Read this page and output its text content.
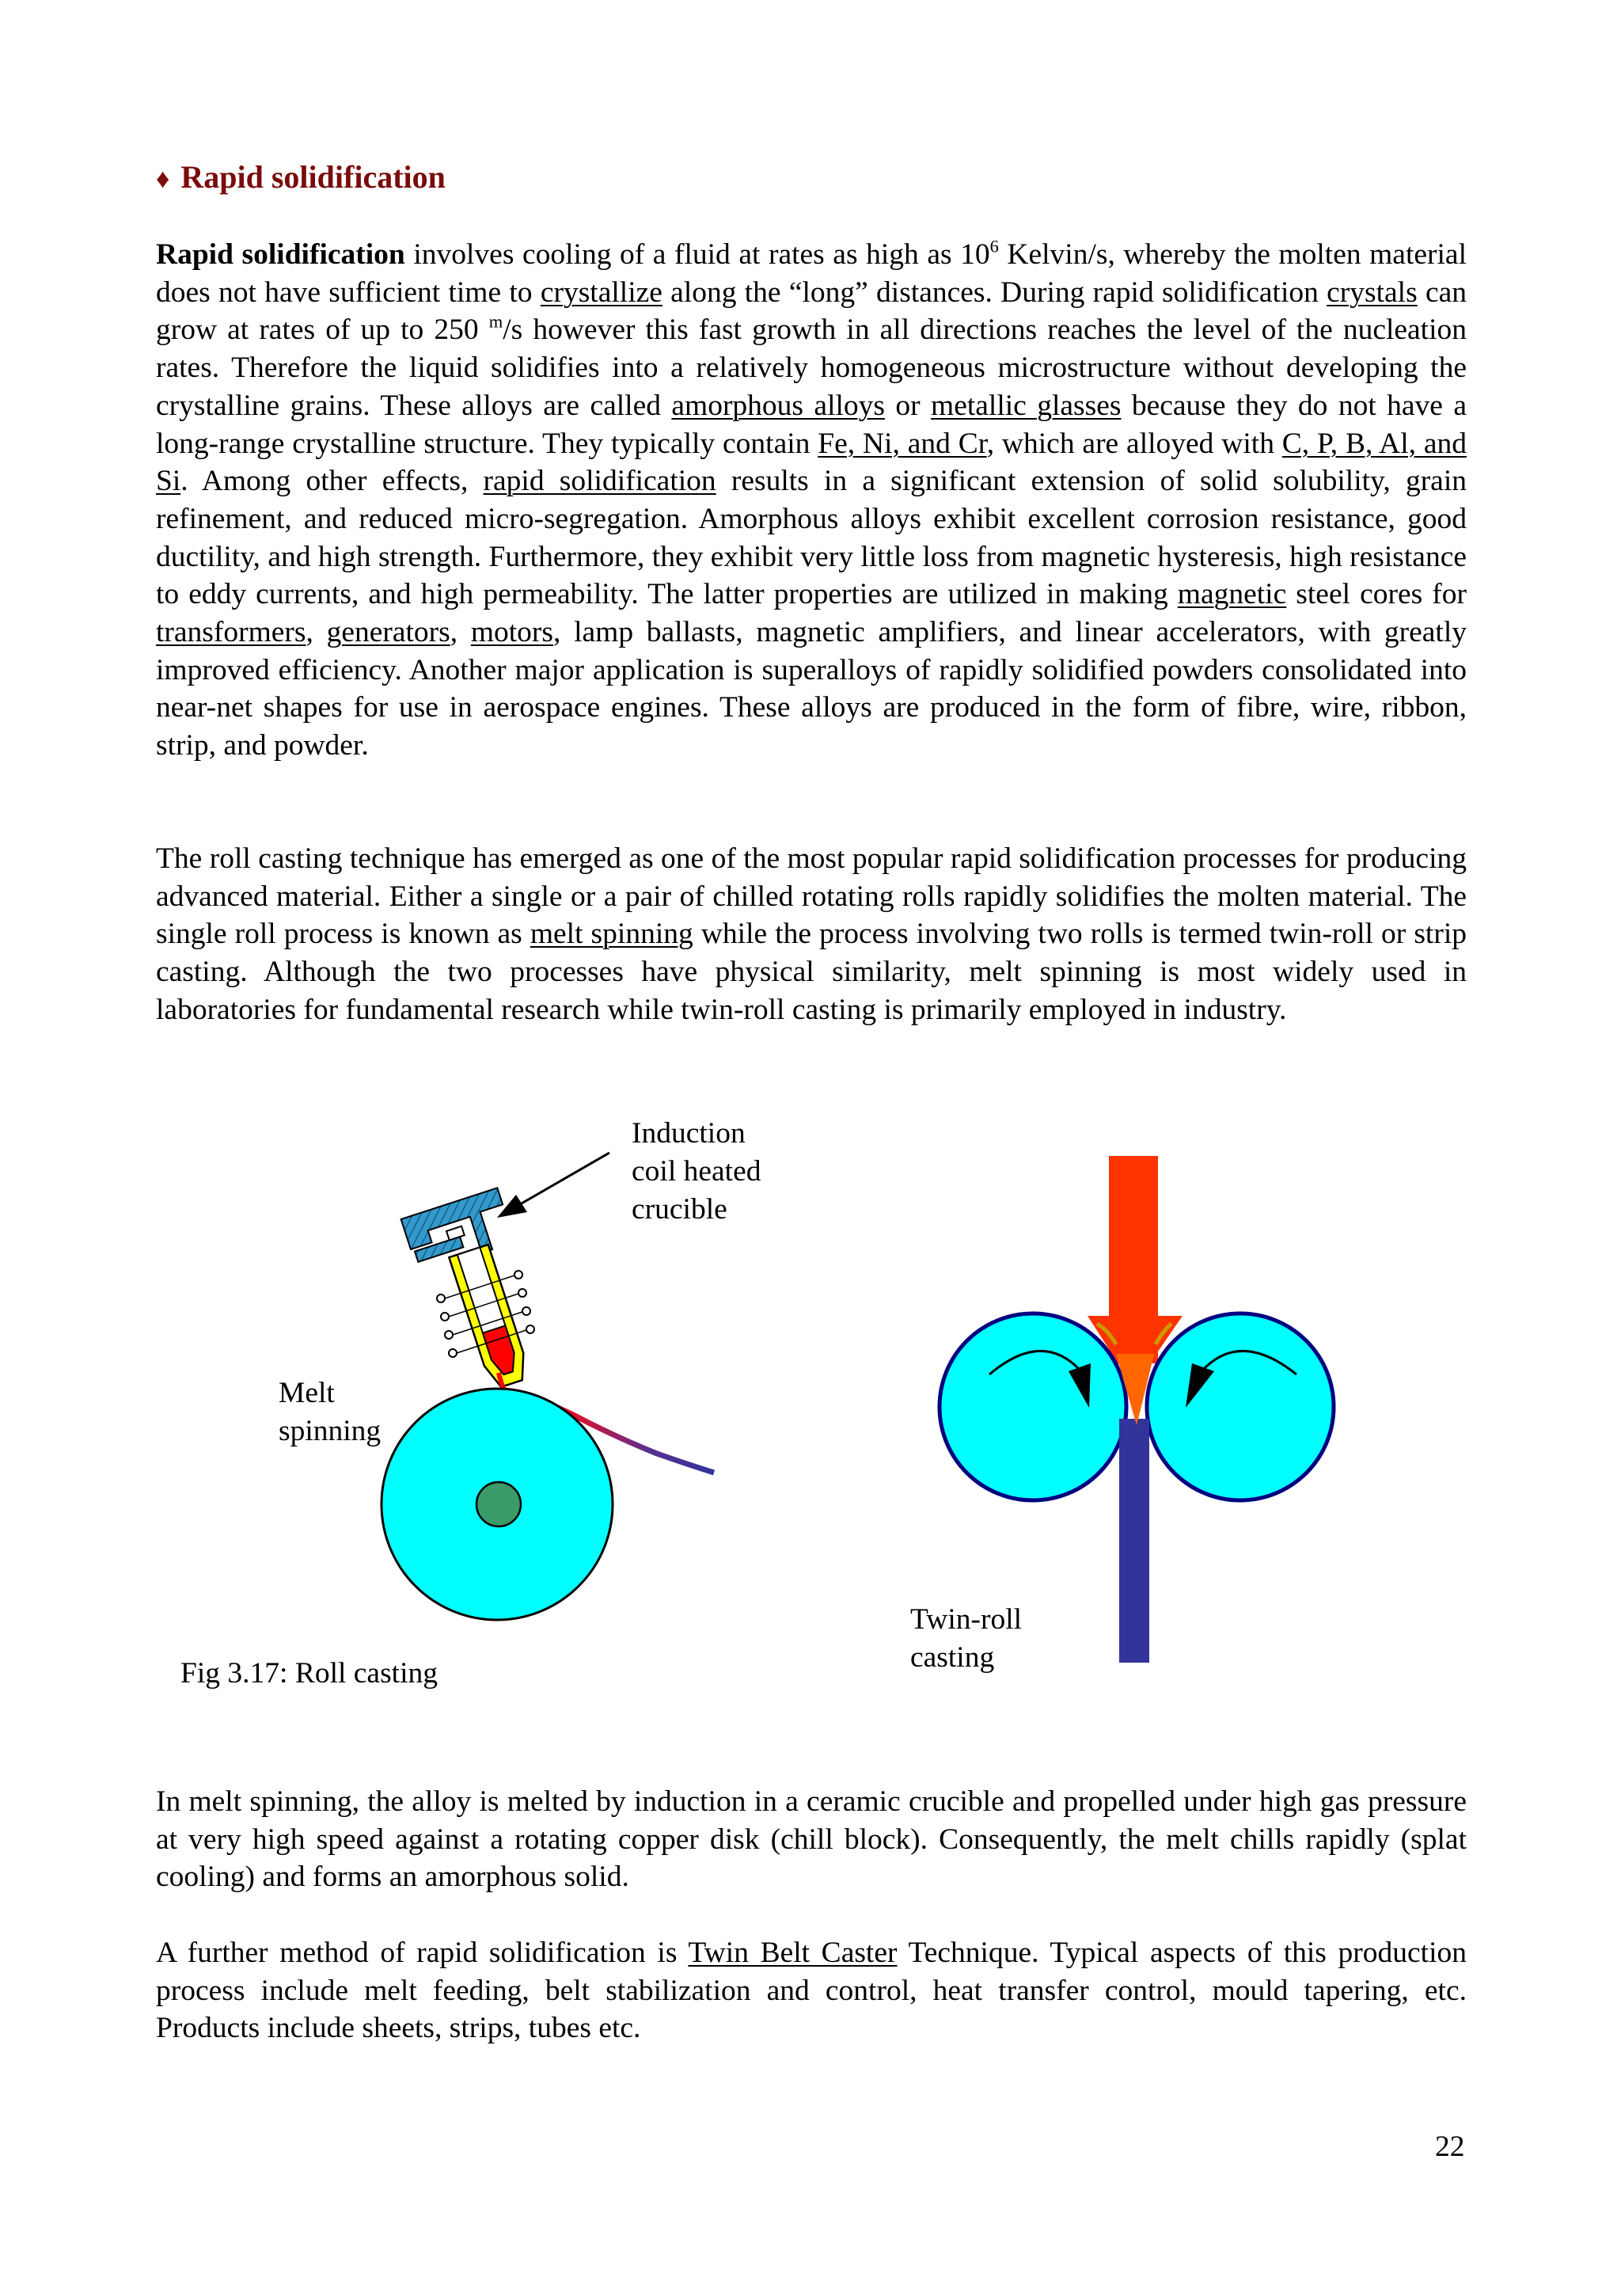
♦ Rapid solidification
Rapid solidification involves cooling of a fluid at rates as high as $10^6$ Kelvin/s, whereby the molten material does not have sufficient time to crystallize along the “long” distances. During rapid solidification crystals can grow at rates of up to 250 $^m$/s however this fast growth in all directions reaches the level of the nucleation rates. Therefore the liquid solidifies into a relatively homogeneous microstructure without developing the crystalline grains. These alloys are called amorphous alloys or metallic glasses because they do not have a long-range crystalline structure. They typically contain Fe, Ni, and Cr, which are alloyed with C, P, B, Al, and Si. Among other effects, rapid solidification results in a significant extension of solid solubility, grain refinement, and reduced micro-segregation. Amorphous alloys exhibit excellent corrosion resistance, good ductility, and high strength. Furthermore, they exhibit very little loss from magnetic hysteresis, high resistance to eddy currents, and high permeability. The latter properties are utilized in making magnetic steel cores for transformers, generators, motors, lamp ballasts, magnetic amplifiers, and linear accelerators, with greatly improved efficiency. Another major application is superalloys of rapidly solidified powders consolidated into near-net shapes for use in aerospace engines. These alloys are produced in the form of fibre, wire, ribbon, strip, and powder.
The roll casting technique has emerged as one of the most popular rapid solidification processes for producing advanced material. Either a single or a pair of chilled rotating rolls rapidly solidifies the molten material. The single roll process is known as melt spinning while the process involving two rolls is termed twin-roll or strip casting. Although the two processes have physical similarity, melt spinning is most widely used in laboratories for fundamental research while twin-roll casting is primarily employed in industry.
Induction
coil heated
crucible
Melt
spinning
Twin-roll
casting
Fig 3.17: Roll casting
In melt spinning, the alloy is melted by induction in a ceramic crucible and propelled under high gas pressure at very high speed against a rotating copper disk (chill block). Consequently, the melt chills rapidly (splat cooling) and forms an amorphous solid.
A further method of rapid solidification is Twin Belt Caster Technique. Typical aspects of this production process include melt feeding, belt stabilization and control, heat transfer control, mould tapering, etc. Products include sheets, strips, tubes etc.
22
